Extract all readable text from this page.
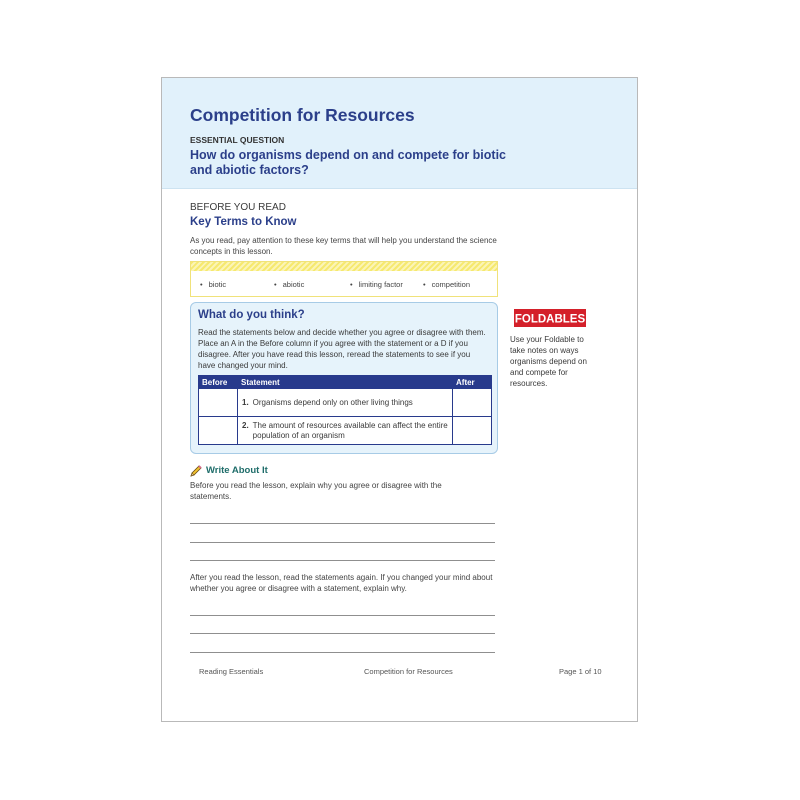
Competition for Resources
ESSENTIAL QUESTION
How do organisms depend on and compete for biotic and abiotic factors?
BEFORE YOU READ
Key Terms to Know

As you read, pay attention to these key terms that will help you understand the science concepts in this lesson.

• biotic	• abiotic	• limiting factor	• competition
What do you think?

Read the statements below and decide whether you agree or disagree with them. Place an A in the Before column if you agree with the statement or a D if you disagree. After you have read this lesson, reread the statements to see if you have changed your mind.

Before	Statement	After

	1. Organisms depend only on other living things	

	2. The amount of resources available can affect the entire population of an organism	

FOLDABLES

Use your Foldable to take notes on ways organisms depend on and compete for resources.

Write About It

Before you read the lesson, explain why you agree or disagree with the statements.

After you read the lesson, read the statements again. If you changed your mind about whether you agree or disagree with a statement, explain why.

Reading Essentials	Competition for Resources	Page 1 of 10
